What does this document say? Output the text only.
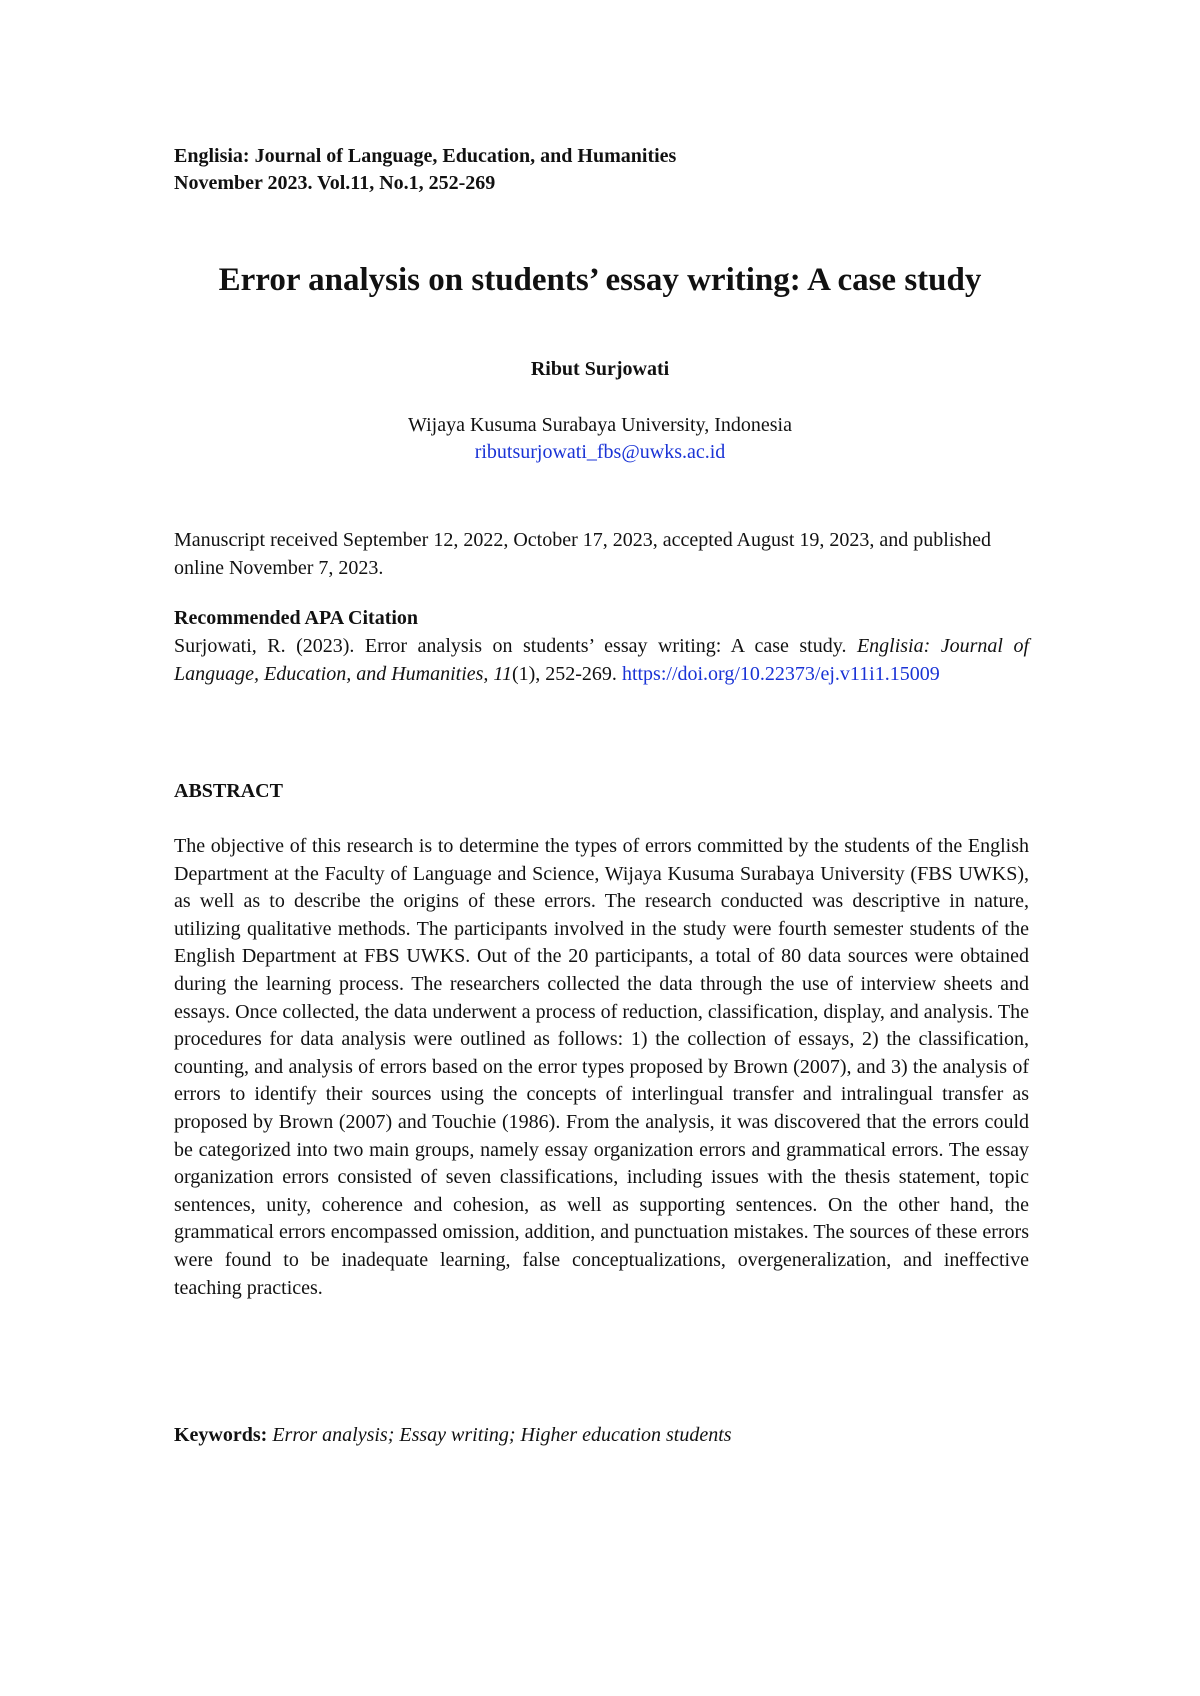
Englisia: Journal of Language, Education, and Humanities
November 2023. Vol.11, No.1, 252-269
Error analysis on students’ essay writing: A case study
Ribut Surjowati
Wijaya Kusuma Surabaya University, Indonesia
ributsurjowati_fbs@uwks.ac.id
Manuscript received September 12, 2022, October 17, 2023, accepted August 19, 2023, and published online November 7, 2023.
Recommended APA Citation
Surjowati, R. (2023). Error analysis on students’ essay writing: A case study. Englisia: Journal of Language, Education, and Humanities, 11(1), 252-269. https://doi.org/10.22373/ej.v11i1.15009
ABSTRACT
The objective of this research is to determine the types of errors committed by the students of the English Department at the Faculty of Language and Science, Wijaya Kusuma Surabaya University (FBS UWKS), as well as to describe the origins of these errors. The research conducted was descriptive in nature, utilizing qualitative methods. The participants involved in the study were fourth semester students of the English Department at FBS UWKS. Out of the 20 participants, a total of 80 data sources were obtained during the learning process. The researchers collected the data through the use of interview sheets and essays. Once collected, the data underwent a process of reduction, classification, display, and analysis. The procedures for data analysis were outlined as follows: 1) the collection of essays, 2) the classification, counting, and analysis of errors based on the error types proposed by Brown (2007), and 3) the analysis of errors to identify their sources using the concepts of interlingual transfer and intralingual transfer as proposed by Brown (2007) and Touchie (1986). From the analysis, it was discovered that the errors could be categorized into two main groups, namely essay organization errors and grammatical errors. The essay organization errors consisted of seven classifications, including issues with the thesis statement, topic sentences, unity, coherence and cohesion, as well as supporting sentences. On the other hand, the grammatical errors encompassed omission, addition, and punctuation mistakes. The sources of these errors were found to be inadequate learning, false conceptualizations, overgeneralization, and ineffective teaching practices.
Keywords: Error analysis; Essay writing; Higher education students
